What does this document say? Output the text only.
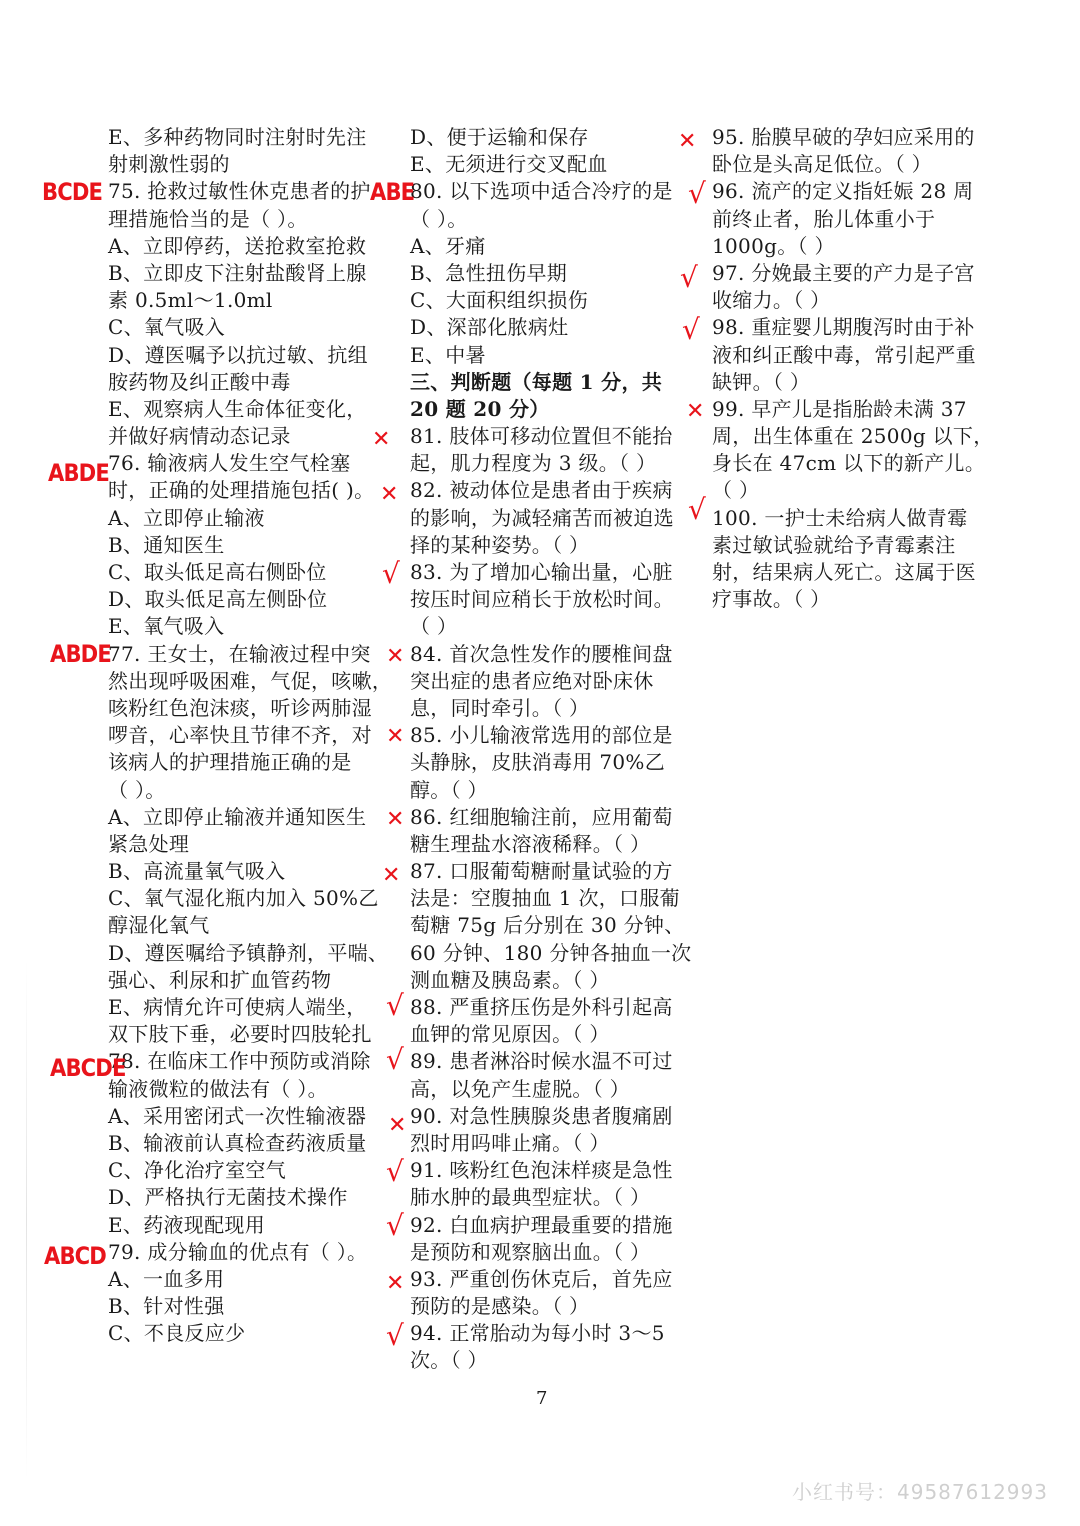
E、多种药物同时注射时先注
射刺激性弱的
75. 抢救过敏性休克患者的护
理措施恰当的是（ ）。
A、立即停药，送抢救室抢救
B、立即皮下注射盐酸肾上腺
素 0.5ml～1.0ml
C、氧气吸入
D、遵医嘱予以抗过敏、抗组
胺药物及纠正酸中毒
E、观察病人生命体征变化，
并做好病情动态记录
76. 输液病人发生空气栓塞
时，正确的处理措施包括( )。
A、立即停止输液
B、通知医生
C、取头低足高右侧卧位
D、取头低足高左侧卧位
E、氧气吸入
77. 王女士，在输液过程中突
然出现呼吸困难，气促，咳嗽，
咳粉红色泡沫痰，听诊两肺湿
啰音，心率快且节律不齐，对
该病人的护理措施正确的是
（ ）。
A、立即停止输液并通知医生
紧急处理
B、高流量氧气吸入
C、氧气湿化瓶内加入 50%乙
醇湿化氧气
D、遵医嘱给予镇静剂，平喘、
强心、利尿和扩血管药物
E、病情允许可使病人端坐，
双下肢下垂，必要时四肢轮扎
78. 在临床工作中预防或消除
输液微粒的做法有（ ）。
A、采用密闭式一次性输液器
B、输液前认真检查药液质量
C、净化治疗室空气
D、严格执行无菌技术操作
E、药液现配现用
79. 成分输血的优点有（ ）。
A、一血多用
B、针对性强
C、不良反应少
D、便于运输和保存
E、无须进行交叉配血
80. 以下选项中适合冷疗的是
（ ）。
A、牙痛
B、急性扭伤早期
C、大面积组织损伤
D、深部化脓病灶
E、中暑
三、判断题（每题 1 分，共
20 题 20 分）
81. 肢体可移动位置但不能抬
起，肌力程度为 3 级。（ ）
82. 被动体位是患者由于疾病
的影响，为减轻痛苦而被迫选
择的某种姿势。（ ）
83. 为了增加心输出量，心脏
按压时间应稍长于放松时间。
（ ）
84. 首次急性发作的腰椎间盘
突出症的患者应绝对卧床休
息，同时牵引。（ ）
85. 小儿输液常选用的部位是
头静脉，皮肤消毒用 70%乙
醇。（ ）
86. 红细胞输注前，应用葡萄
糖生理盐水溶液稀释。（ ）
87. 口服葡萄糖耐量试验的方
法是：空腹抽血 1 次，口服葡
萄糖 75g 后分别在 30 分钟、
60 分钟、180 分钟各抽血一次
测血糖及胰岛素。（ ）
88. 严重挤压伤是外科引起高
血钾的常见原因。（ ）
89. 患者淋浴时候水温不可过
高，以免产生虚脱。（ ）
90. 对急性胰腺炎患者腹痛剧
烈时用吗啡止痛。（ ）
91. 咳粉红色泡沫样痰是急性
肺水肿的最典型症状。（ ）
92. 白血病护理最重要的措施
是预防和观察脑出血。（ ）
93. 严重创伤休克后，首先应
预防的是感染。（ ）
94. 正常胎动为每小时 3～5
次。（ ）
95. 胎膜早破的孕妇应采用的
卧位是头高足低位。（ ）
96. 流产的定义指妊娠 28 周
前终止者，胎儿体重小于
1000g。（ ）
97. 分娩最主要的产力是子宫
收缩力。（ ）
98. 重症婴儿期腹泻时由于补
液和纠正酸中毒，常引起严重
缺钾。（ ）
99. 早产儿是指胎龄未满 37
周，出生体重在 2500g 以下，
身长在 47cm 以下的新产儿。
（ ）
100. 一护士未给病人做青霉
素过敏试验就给予青霉素注
射，结果病人死亡。这属于医
疗事故。（ ）
BCDE
ABDE
ABDE
ABCDE
ABCD
ABE
✕
✕
√
✕
✕
✕
✕
√
√
✕
√
√
✕
√
✕
√
√
√
✕
√
7
小红书号：49587612993
